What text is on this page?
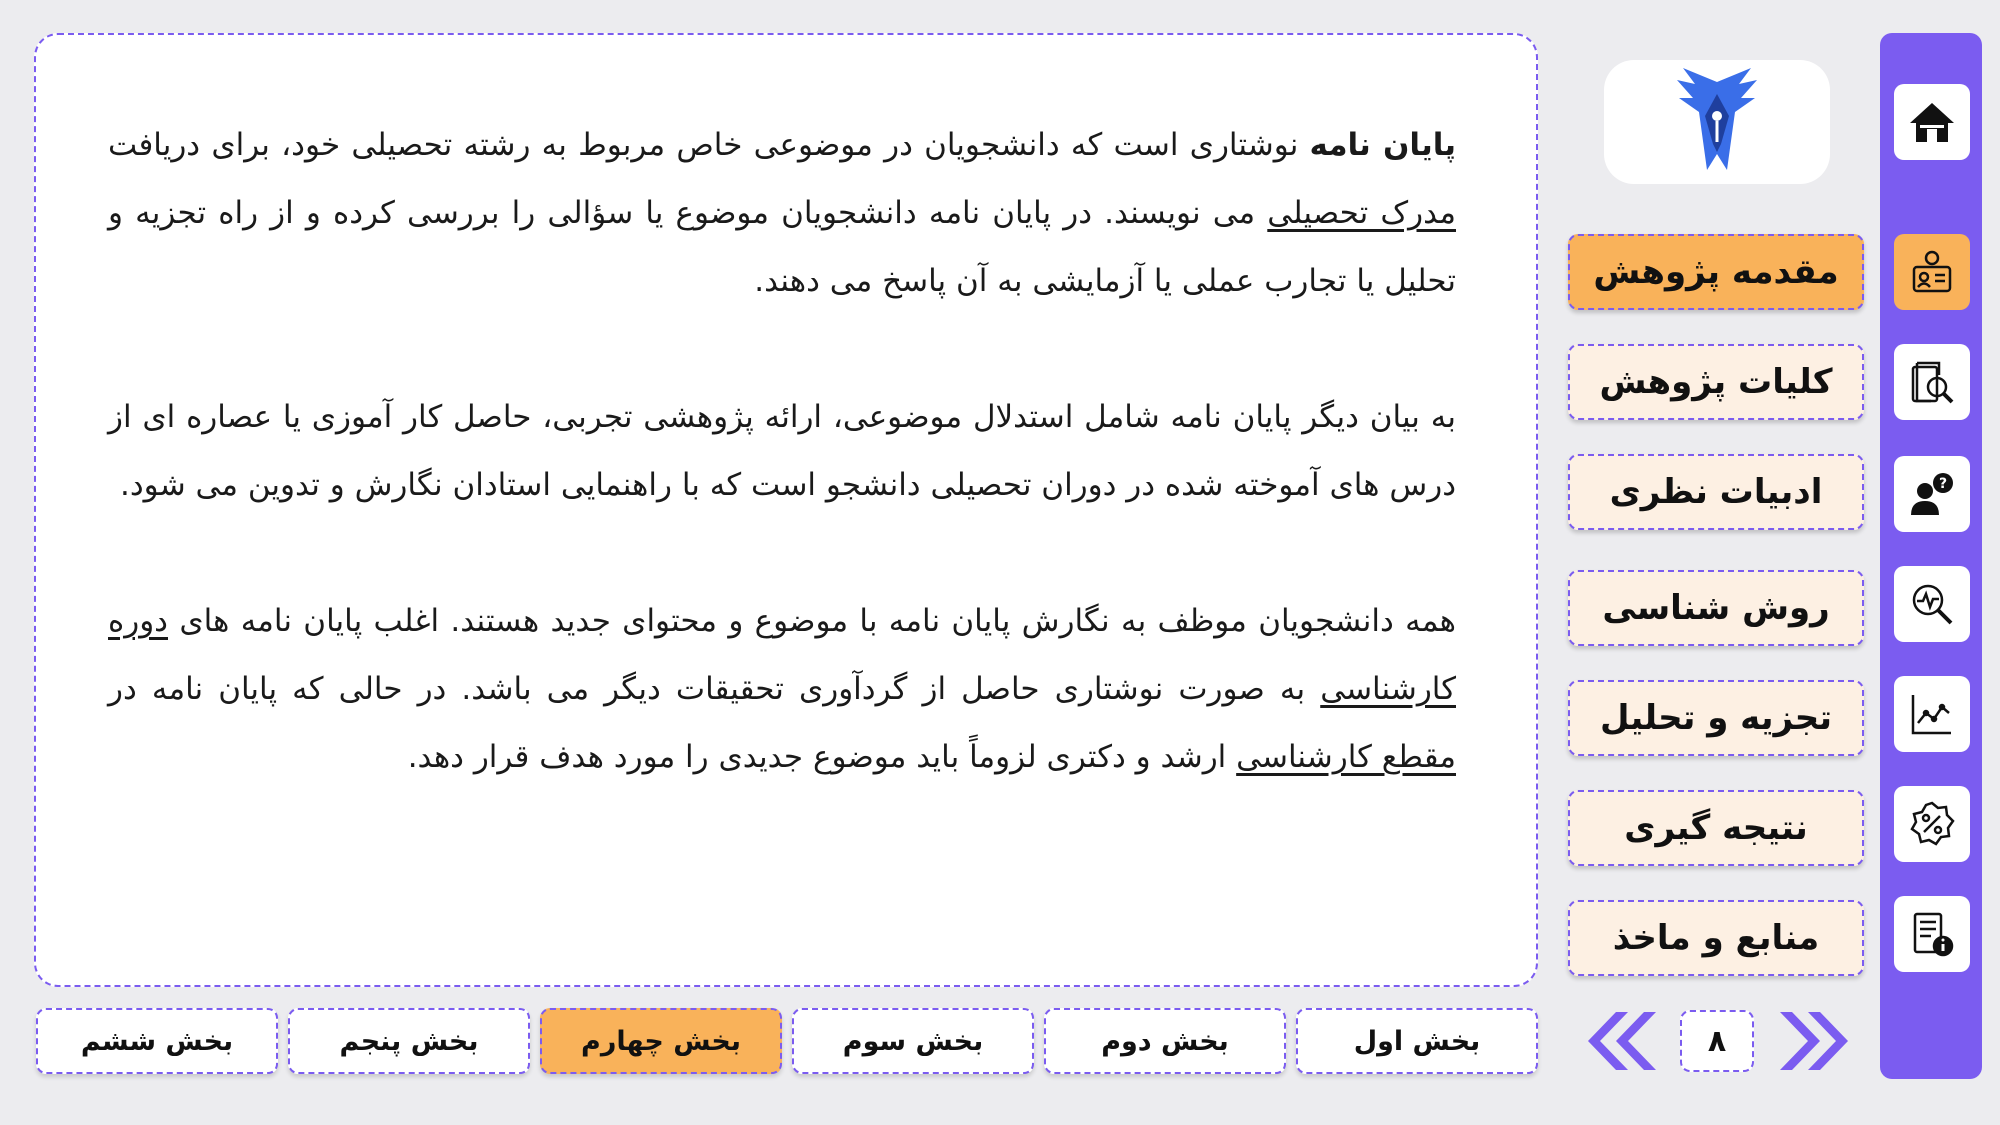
?
مقدمه پژوهش
کلیات پژوهش
ادبیات نظری
روش شناسی
تجزیه و تحلیل
نتیجه گیری
منابع و ماخذ

پایان نامه نوشتاری است که دانشجویان در موضوعی خاص مربوط به رشته تحصیلی خود، برای دریافت مدرک تحصیلی می نویسند. در پایان نامه دانشجویان موضوع یا سؤالی را بررسی کرده و از راه تجزیه و تحلیل یا تجارب عملی یا آزمایشی به آن پاسخ می دهند.

به بیان دیگر پایان نامه شامل استدلال موضوعی، ارائه پژوهشی تجربی، حاصل کار آموزی یا عصاره ای از درس های آموخته شده در دوران تحصیلی دانشجو است که با راهنمایی استادان نگارش و تدوین می شود.

همه دانشجویان موظف به نگارش پایان نامه با موضوع و محتوای جدید هستند. اغلب پایان نامه های دوره کارشناسی به صورت نوشتاری حاصل از گردآوری تحقیقات دیگر می باشد. در حالی که پایان نامه در مقطع کارشناسی ارشد و دکتری لزوماً باید موضوع جدیدی را مورد هدف قرار دهد.

۸
بخش اول
بخش دوم
بخش سوم
بخش چهارم
بخش پنجم
بخش ششم
